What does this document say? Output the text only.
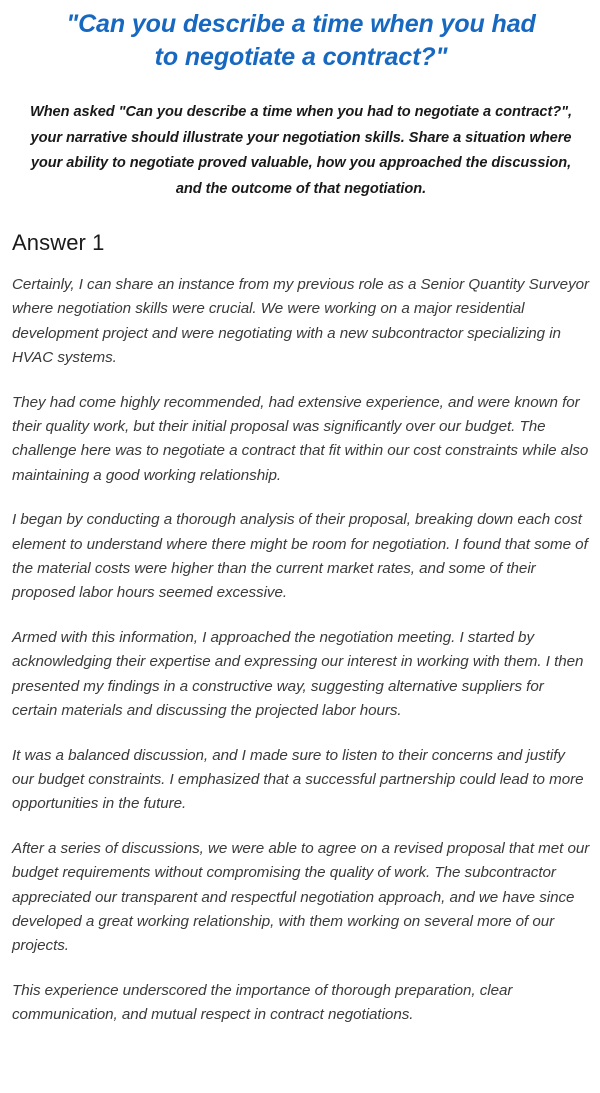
"Can you describe a time when you had
to negotiate a contract?"

When asked "Can you describe a time when you had to negotiate a contract?", your narrative should illustrate your negotiation skills. Share a situation where your ability to negotiate proved valuable, how you approached the discussion, and the outcome of that negotiation.

Answer 1

Certainly, I can share an instance from my previous role as a Senior Quantity Surveyor where negotiation skills were crucial. We were working on a major residential development project and were negotiating with a new subcontractor specializing in HVAC systems.

They had come highly recommended, had extensive experience, and were known for their quality work, but their initial proposal was significantly over our budget. The challenge here was to negotiate a contract that fit within our cost constraints while also maintaining a good working relationship.

I began by conducting a thorough analysis of their proposal, breaking down each cost element to understand where there might be room for negotiation. I found that some of the material costs were higher than the current market rates, and some of their proposed labor hours seemed excessive.

Armed with this information, I approached the negotiation meeting. I started by acknowledging their expertise and expressing our interest in working with them. I then presented my findings in a constructive way, suggesting alternative suppliers for certain materials and discussing the projected labor hours.

It was a balanced discussion, and I made sure to listen to their concerns and justify our budget constraints. I emphasized that a successful partnership could lead to more opportunities in the future.

After a series of discussions, we were able to agree on a revised proposal that met our budget requirements without compromising the quality of work. The subcontractor appreciated our transparent and respectful negotiation approach, and we have since developed a great working relationship, with them working on several more of our projects.

This experience underscored the importance of thorough preparation, clear communication, and mutual respect in contract negotiations.
